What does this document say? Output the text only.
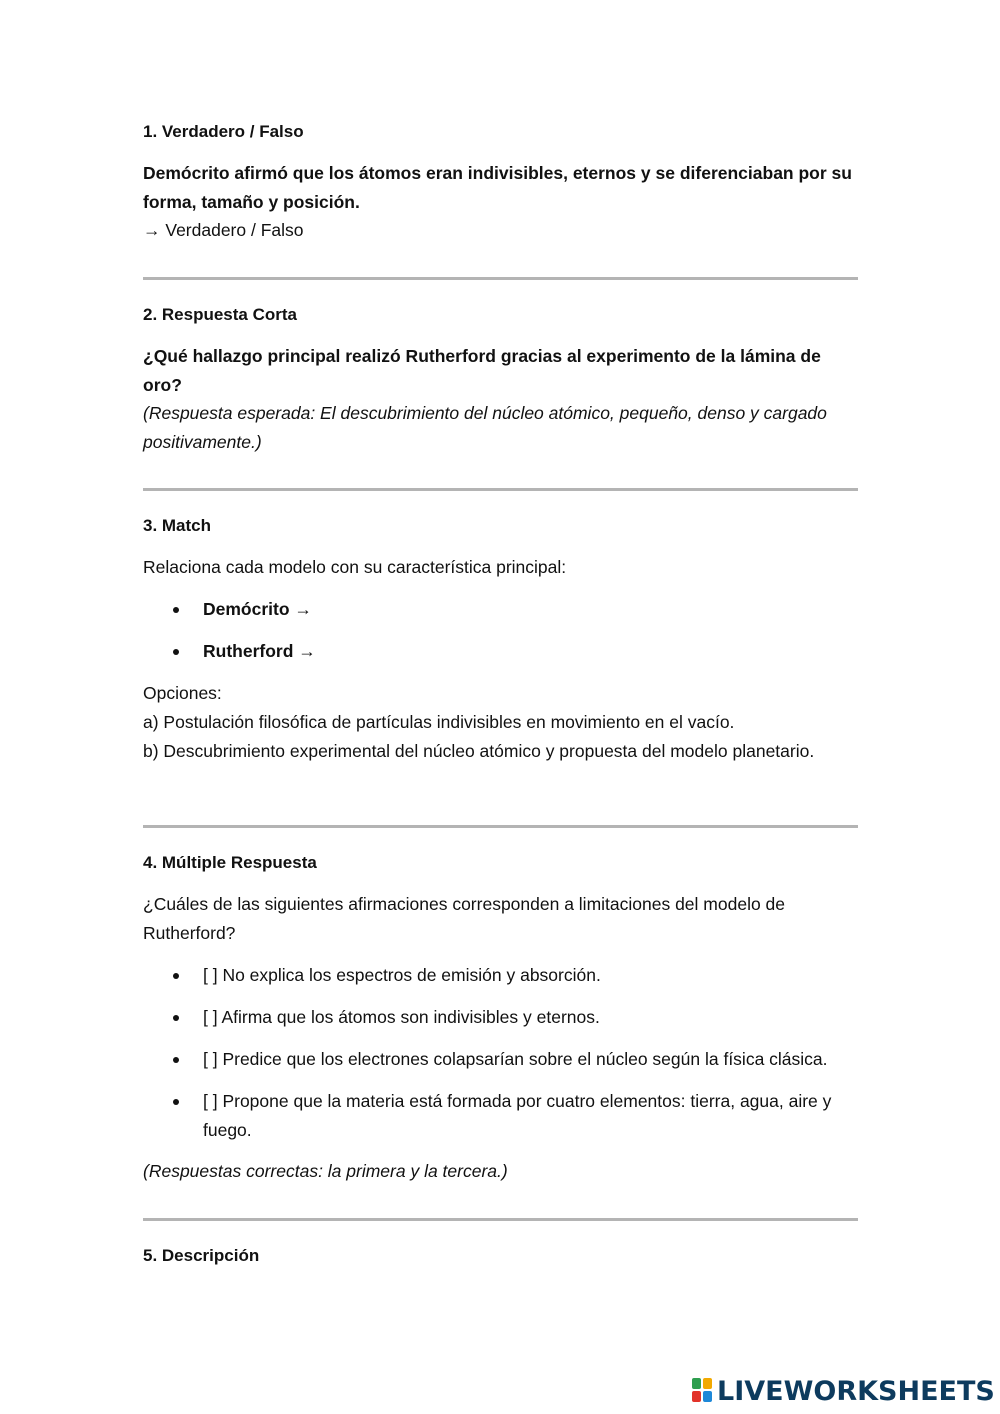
1. Verdadero / Falso
Demócrito afirmó que los átomos eran indivisibles, eternos y se diferenciaban por su forma, tamaño y posición.
→ Verdadero / Falso
2. Respuesta Corta
¿Qué hallazgo principal realizó Rutherford gracias al experimento de la lámina de oro?
(Respuesta esperada: El descubrimiento del núcleo atómico, pequeño, denso y cargado positivamente.)
3. Match
Relaciona cada modelo con su característica principal:
Demócrito →
Rutherford →
Opciones:
a) Postulación filosófica de partículas indivisibles en movimiento en el vacío.
b) Descubrimiento experimental del núcleo atómico y propuesta del modelo planetario.
4. Múltiple Respuesta
¿Cuáles de las siguientes afirmaciones corresponden a limitaciones del modelo de Rutherford?
[ ] No explica los espectros de emisión y absorción.
[ ] Afirma que los átomos son indivisibles y eternos.
[ ] Predice que los electrones colapsarían sobre el núcleo según la física clásica.
[ ] Propone que la materia está formada por cuatro elementos: tierra, agua, aire y fuego.
(Respuestas correctas: la primera y la tercera.)
5. Descripción
LIVEWORKSHEETS
